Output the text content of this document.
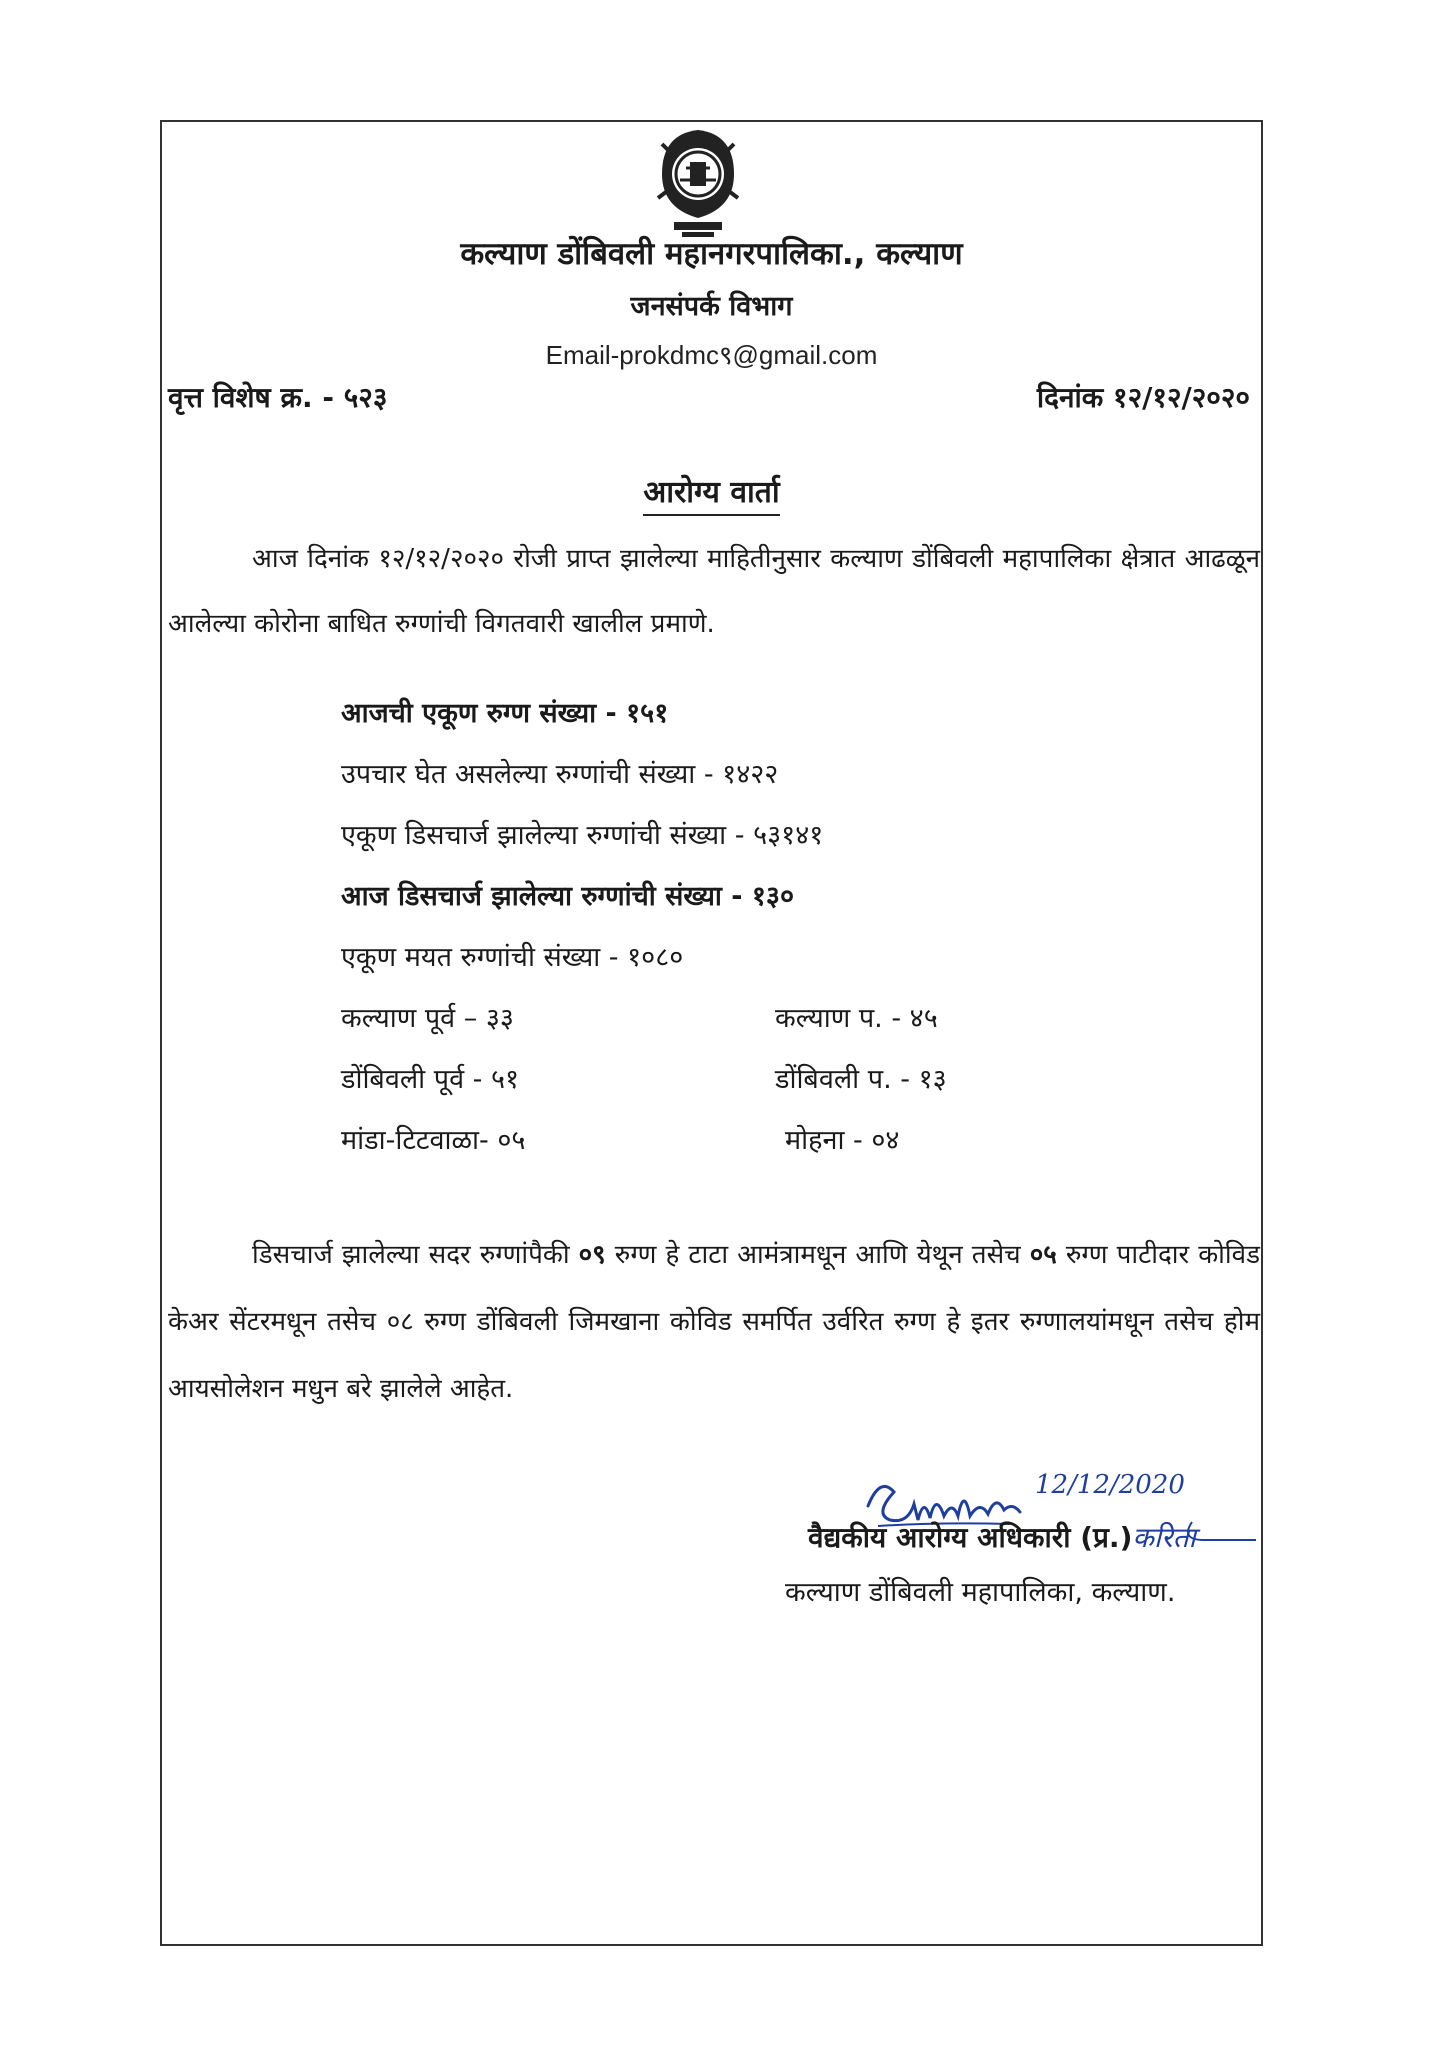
कल्याण डोंबिवली महानगरपालिका., कल्याण
जनसंपर्क विभाग
Email-prokdmc९@gmail.com
वृत्त विशेष क्र. - ५२३	दिनांक १२/१२/२०२०
आरोग्य वार्ता
आज दिनांक १२/१२/२०२० रोजी प्राप्त झालेल्या माहितीनुसार कल्याण डोंबिवली महापालिका क्षेत्रात आढळून आलेल्या कोरोना बाधित रुग्णांची विगतवारी खालील प्रमाणे.
आजची एकूण रुग्ण संख्या - १५१
उपचार घेत असलेल्या रुग्णांची संख्या - १४२२
एकूण डिसचार्ज झालेल्या रुग्णांची संख्या - ५३१४१
आज डिसचार्ज झालेल्या रुग्णांची संख्या - १३०
एकूण मयत रुग्णांची संख्या - १०८०
कल्याण पूर्व – ३३	कल्याण प. - ४५
डोंबिवली पूर्व - ५१	डोंबिवली प. - १३
मांडा-टिटवाळा- ०५	मोहना - ०४
डिसचार्ज झालेल्या सदर रुग्णांपैकी ०९ रुग्ण हे टाटा आमंत्रामधून आणि येथून तसेच ०५ रुग्ण पाटीदार कोविड केअर सेंटरमधून तसेच ०८ रुग्ण डोंबिवली जिमखाना कोविड समर्पित उर्वरित रुग्ण हे इतर रुग्णालयांमधून तसेच होम आयसोलेशन मधुन बरे झालेले आहेत.
12/12/2020
वैद्यकीय आरोग्य अधिकारी (प्र.)करिता
कल्याण डोंबिवली महापालिका, कल्याण.
